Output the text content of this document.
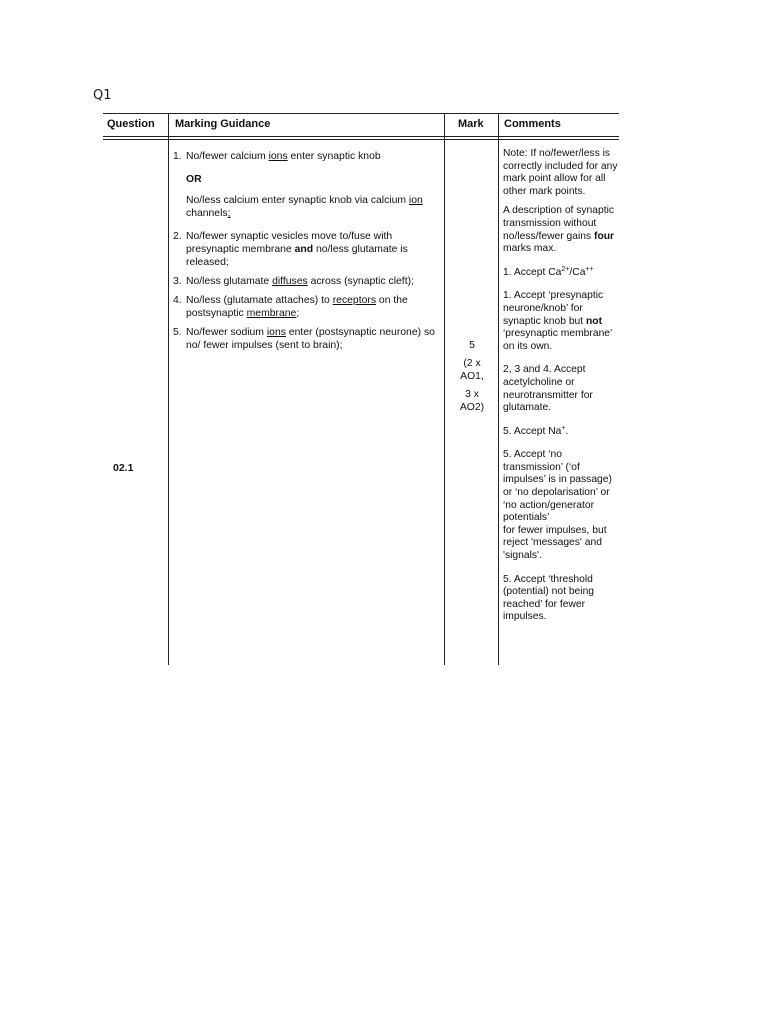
Q1
Question Marking Guidance	Mark Comments
02.1
1. No/fewer calcium ions enter synaptic knob
OR
No/less calcium enter synaptic knob via calcium ion channels;
2. No/fewer synaptic vesicles move to/fuse with presynaptic membrane and no/less glutamate is released;
3. No/less glutamate diffuses across (synaptic cleft);
4. No/less (glutamate attaches) to receptors on the postsynaptic membrane;
5. No/fewer sodium ions enter (postsynaptic neurone) so no/ fewer impulses (sent to brain);	5
(2 x
AO1,
3 x
AO2)
Note: If no/fewer/less is correctly included for any mark point allow for all other mark points.
A description of synaptic transmission without no/less/fewer gains four marks max.
1. Accept $Ca^{2+}/Ca^{++}$
1. Accept ‘presynaptic neurone/knob’ for synaptic knob but not ‘presynaptic membrane’ on its own.
2, 3 and 4. Accept acetylcholine or neurotransmitter for glutamate.
5. Accept Na+.
5. Accept ‘no transmission’ (‘of impulses’ is in passage) or ‘no depolarisation’ or ‘no action/generator potentials’
for fewer impulses, but reject 'messages' and 'signals'.
5. Accept ‘threshold (potential) not being reached’ for fewer impulses.
